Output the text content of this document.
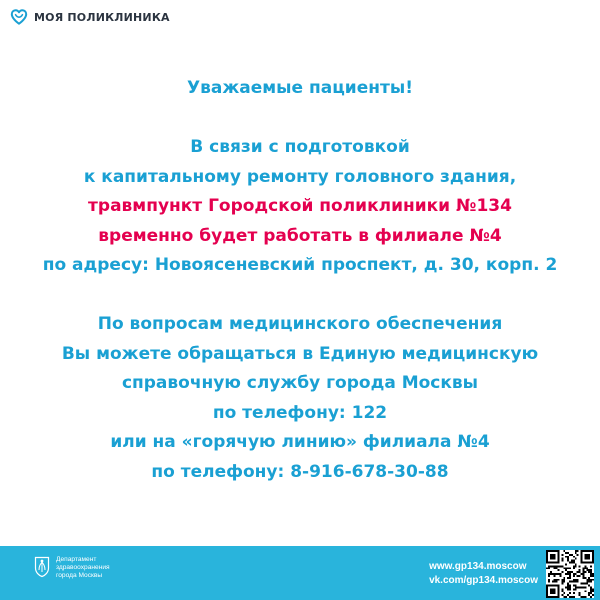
МОЯ ПОЛИКЛИНИКА
Уважаемые пациенты!
В связи с подготовкой
к капитальному ремонту головного здания,
травмпункт Городской поликлиники №134
временно будет работать в филиале №4
по адресу: Новоясеневский проспект, д. 30, корп. 2
По вопросам медицинского обеспечения
Вы можете обращаться в Единую медицинскую
справочную службу города Москвы
по телефону: 122
или на «горячую линию» филиала №4
по телефону: 8-916-678-30-88
Департамент
здравоохранения
города Москвы
www.gp134.moscow
vk.com/gp134.moscow
